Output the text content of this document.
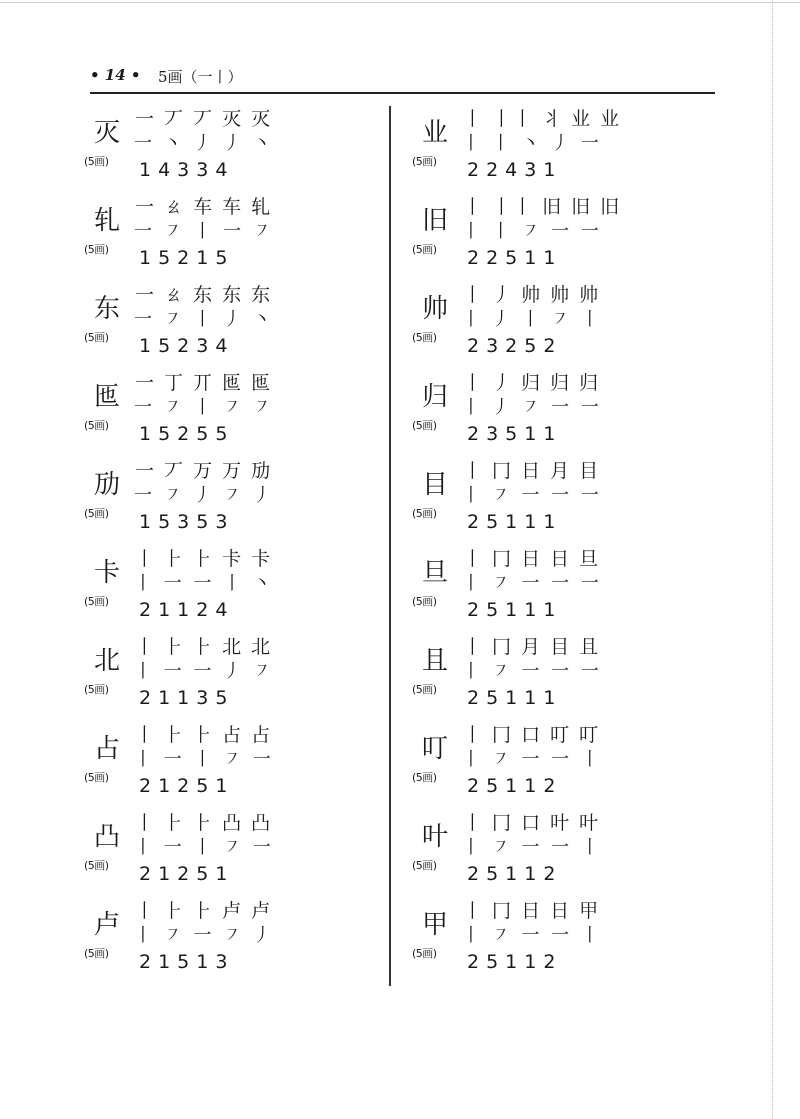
• 14 • 5画（一丨）
灭
(5画)
一 丆 丆 灭 灭
一 丶 丿 丿 丶
14334
轧
(5画)
一 ㄠ 车 车 轧
一 ㇇ 丨 一 ㇇
15215
东
(5画)
一 ㄠ 东 东 东
一 ㇇ 丨 丿 丶
15234
匜
(5画)
一 丁 丌 匜 匜
一 ㇇ 丨 ㇇ ㇇
15255
劢
(5画)
一 丆 万 万 劢
一 ㇇ 丿 ㇇ 丿
15353
卡
(5画)
丨 ⺊ ⺊ 卡 卡
丨 一 一 丨 丶
21124
北
(5画)
丨 ⺊ ⺊ 北 北
丨 一 一 丿 ㇇
21135
占
(5画)
丨 ⺊ ⺊ 占 占
丨 一 丨 ㇇ 一
21251
凸
(5画)
丨 ⺊ ⺊ 凸 凸
丨 一 丨 ㇇ 一
21251
卢
(5画)
丨 ⺊ ⺊ 卢 卢
丨 ㇇ 一 ㇇ 丿
21513
业
(5画)
丨 丨丨 丬 业 业
丨 丨 丶 丿 一
22431
旧
(5画)
丨 丨丨 旧 旧 旧
丨 丨 ㇇ 一 一
22511
帅
(5画)
丨 丿 帅 帅 帅
丨 丿 丨 ㇇ 丨
23252
归
(5画)
丨 丿 归 归 归
丨 丿 ㇇ 一 一
23511
目
(5画)
丨 冂 日 月 目
丨 ㇇ 一 一 一
25111
旦
(5画)
丨 冂 日 日 旦
丨 ㇇ 一 一 一
25111
且
(5画)
丨 冂 月 目 且
丨 ㇇ 一 一 一
25111
叮
(5画)
丨 冂 口 叮 叮
丨 ㇇ 一 一 丨
25112
叶
(5画)
丨 冂 口 叶 叶
丨 ㇇ 一 一 丨
25112
甲
(5画)
丨 冂 日 日 甲
丨 ㇇ 一 一 丨
25112
